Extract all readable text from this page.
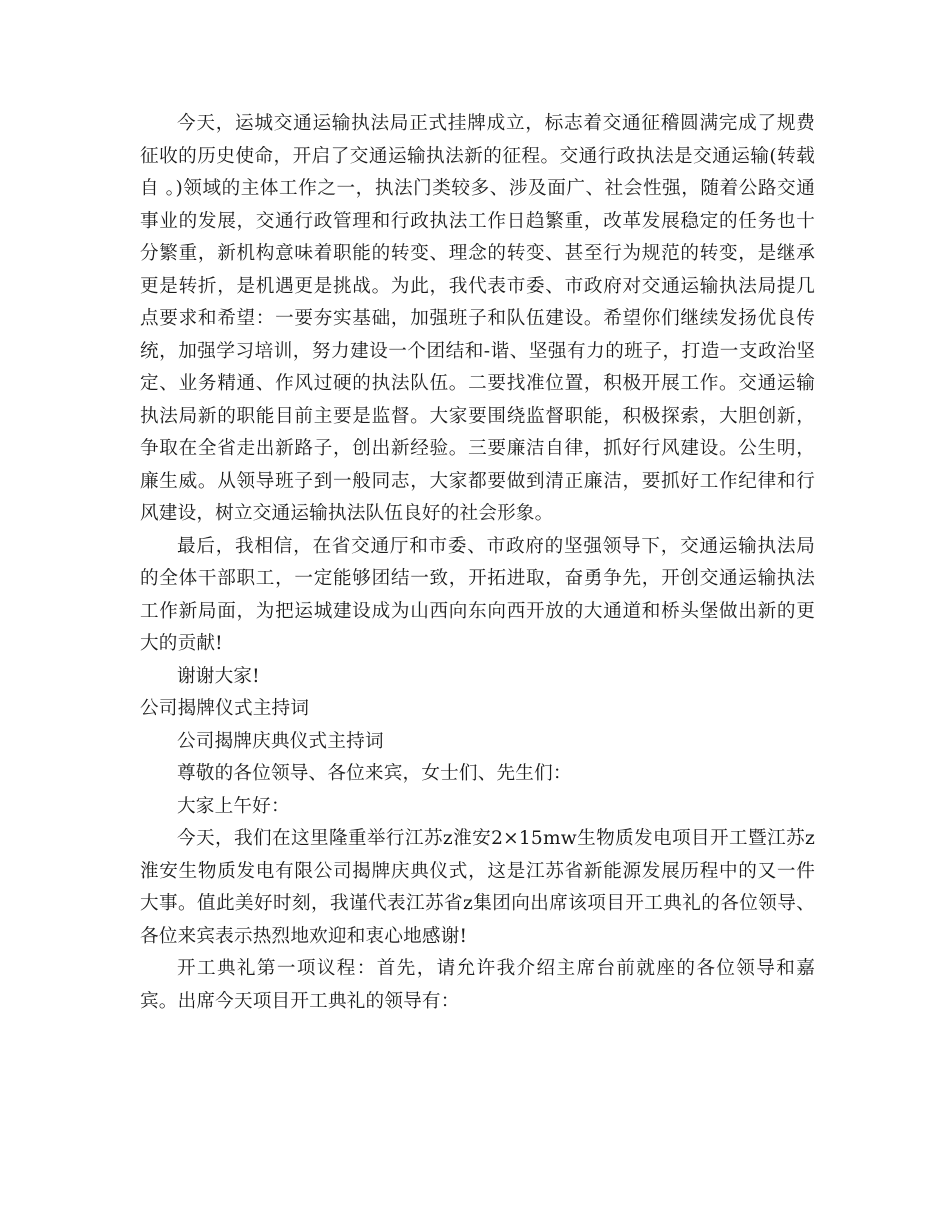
今天，运城交通运输执法局正式挂牌成立，标志着交通征稽圆满完成了规费征收的历史使命，开启了交通运输执法新的征程。交通行政执法是交通运输(转载自 。)领域的主体工作之一，执法门类较多、涉及面广、社会性强，随着公路交通事业的发展，交通行政管理和行政执法工作日趋繁重，改革发展稳定的任务也十分繁重，新机构意味着职能的转变、理念的转变、甚至行为规范的转变，是继承更是转折，是机遇更是挑战。为此，我代表市委、市政府对交通运输执法局提几点要求和希望：一要夯实基础，加强班子和队伍建设。希望你们继续发扬优良传统，加强学习培训，努力建设一个团结和-谐、坚强有力的班子，打造一支政治坚定、业务精通、作风过硬的执法队伍。二要找准位置，积极开展工作。交通运输执法局新的职能目前主要是监督。大家要围绕监督职能，积极探索，大胆创新，争取在全省走出新路子，创出新经验。三要廉洁自律，抓好行风建设。公生明，廉生威。从领导班子到一般同志，大家都要做到清正廉洁，要抓好工作纪律和行风建设，树立交通运输执法队伍良好的社会形象。

最后，我相信，在省交通厅和市委、市政府的坚强领导下，交通运输执法局的全体干部职工，一定能够团结一致，开拓进取，奋勇争先，开创交通运输执法工作新局面，为把运城建设成为山西向东向西开放的大通道和桥头堡做出新的更大的贡献!

谢谢大家!

公司揭牌仪式主持词

公司揭牌庆典仪式主持词

尊敬的各位领导、各位来宾，女士们、先生们：

大家上午好：

今天，我们在这里隆重举行江苏z淮安2×15mw生物质发电项目开工暨江苏z淮安生物质发电有限公司揭牌庆典仪式，这是江苏省新能源发展历程中的又一件大事。值此美好时刻，我谨代表江苏省z集团向出席该项目开工典礼的各位领导、各位来宾表示热烈地欢迎和衷心地感谢!

开工典礼第一项议程：首先，请允许我介绍主席台前就座的各位领导和嘉宾。出席今天项目开工典礼的领导有：
